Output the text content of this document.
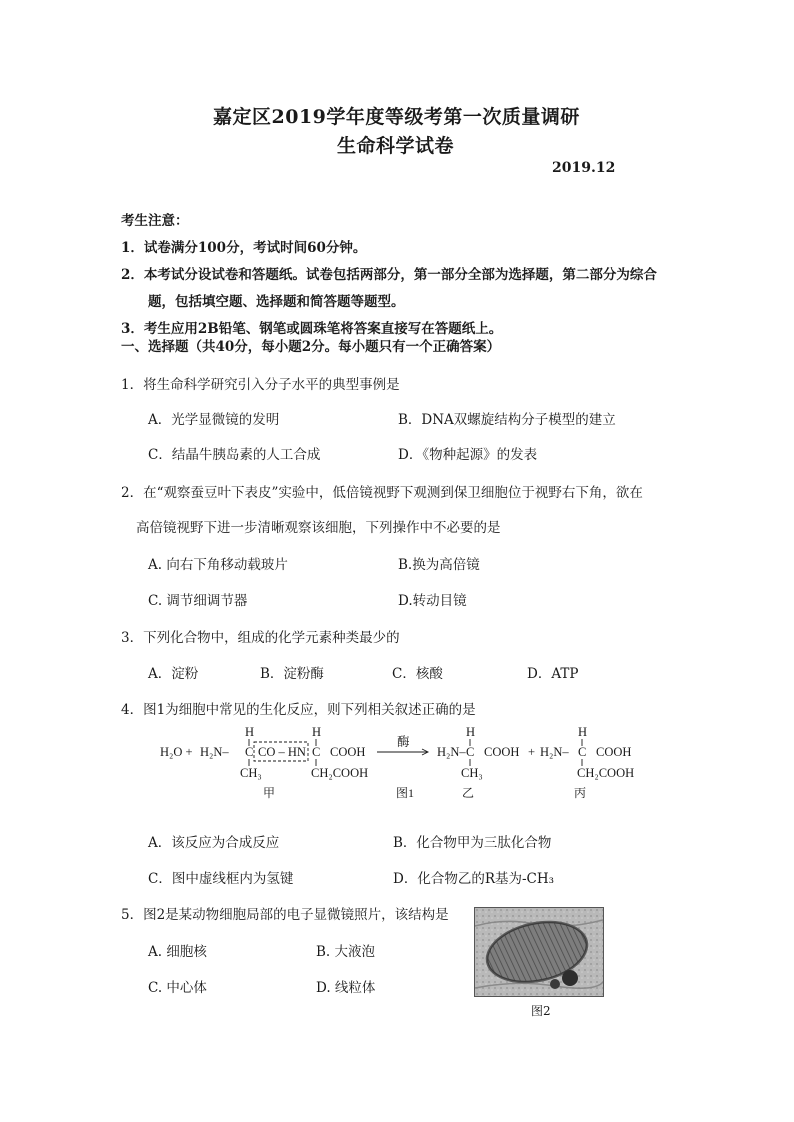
嘉定区2019学年度等级考第一次质量调研
生命科学试卷
2019.12
考生注意：
1．试卷满分100分，考试时间60分钟。
2．本考试分设试卷和答题纸。试卷包括两部分，第一部分全部为选择题，第二部分为综合
题，包括填空题、选择题和简答题等题型。
3．考生应用2B铅笔、钢笔或圆珠笔将答案直接写在答题纸上。
一、选择题（共40分，每小题2分。每小题只有一个正确答案）
1．将生命科学研究引入分子水平的典型事例是
A．光学显微镜的发明	B．DNA双螺旋结构分子模型的建立
C．结晶牛胰岛素的人工合成	D．《物种起源》的发表
2．在“观察蚕豆叶下表皮”实验中，低倍镜视野下观测到保卫细胞位于视野右下角，欲在
高倍镜视野下进一步清晰观察该细胞，下列操作中不必要的是
A. 向右下角移动载玻片	B.换为高倍镜
C. 调节细调节器	D.转动目镜
3．下列化合物中，组成的化学元素种类最少的
A．淀粉	B．淀粉酶	C．核酸	D．ATP
4．图1为细胞中常见的生化反应，则下列相关叙述正确的是
H₂O + H₂N–
H
C
CH₃
CO – HN
H
C COOH
CH₂COOH
酶
H₂N–
H
C COOH
CH₃
+ H₂N–
H
C COOH
CH₂COOH
甲	图1	乙	丙
A．该反应为合成反应	B．化合物甲为三肽化合物
C．图中虚线框内为氢键	D．化合物乙的R基为-CH₃
5．图2是某动物细胞局部的电子显微镜照片，该结构是
A. 细胞核	B. 大液泡
C. 中心体	D. 线粒体
图2
